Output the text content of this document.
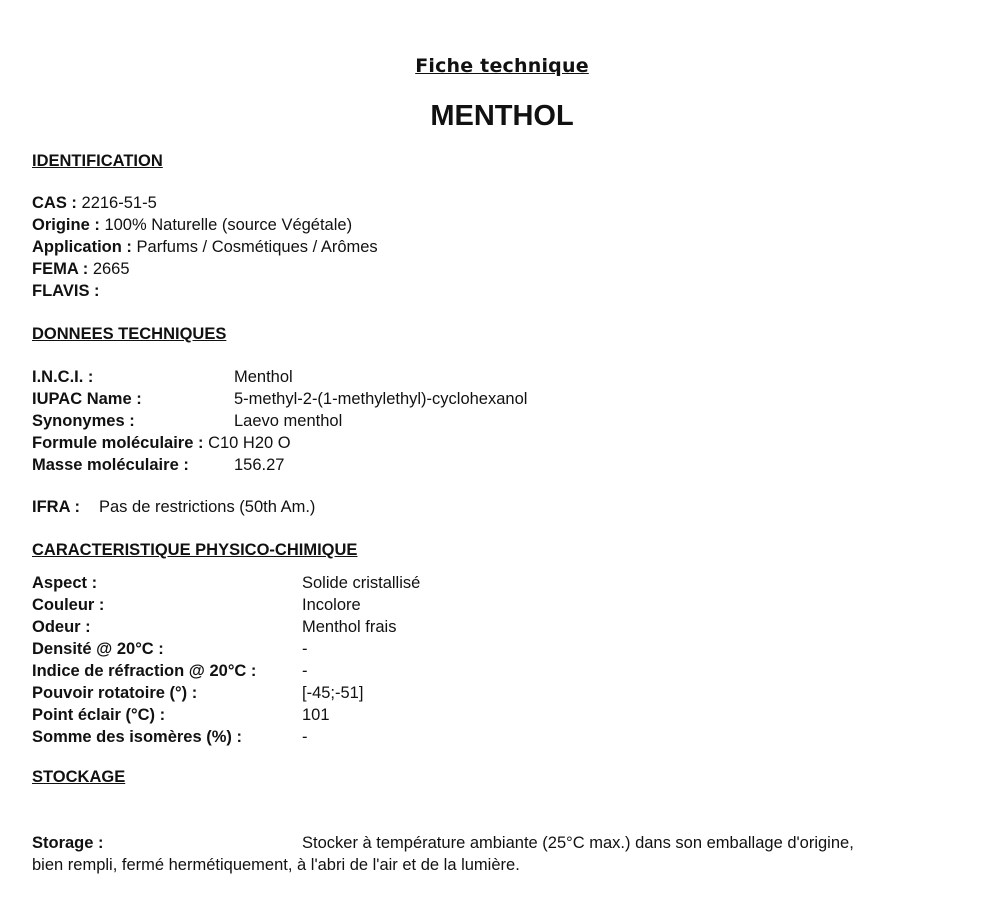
Fiche technique
MENTHOL
IDENTIFICATION
CAS : 2216-51-5
Origine : 100% Naturelle (source Végétale)
Application : Parfums / Cosmétiques / Arômes
FEMA : 2665
FLAVIS :
DONNEES TECHNIQUES
I.N.C.I. :	Menthol
IUPAC Name :	5-methyl-2-(1-methylethyl)-cyclohexanol
Synonymes :	Laevo menthol
Formule moléculaire : C10 H20 O
Masse moléculaire :	156.27
IFRA : Pas de restrictions (50th Am.)
CARACTERISTIQUE PHYSICO-CHIMIQUE
Aspect :	Solide cristallisé
Couleur :	Incolore
Odeur :	Menthol frais
Densité @ 20°C :	-
Indice de réfraction @ 20°C :	-
Pouvoir rotatoire (°) :	[-45;-51]
Point éclair (°C) :	101
Somme des isomères (%) :	-
STOCKAGE
Storage :	Stocker à température ambiante (25°C max.) dans son emballage d'origine,
bien rempli, fermé hermétiquement, à l'abri de l'air et de la lumière.
